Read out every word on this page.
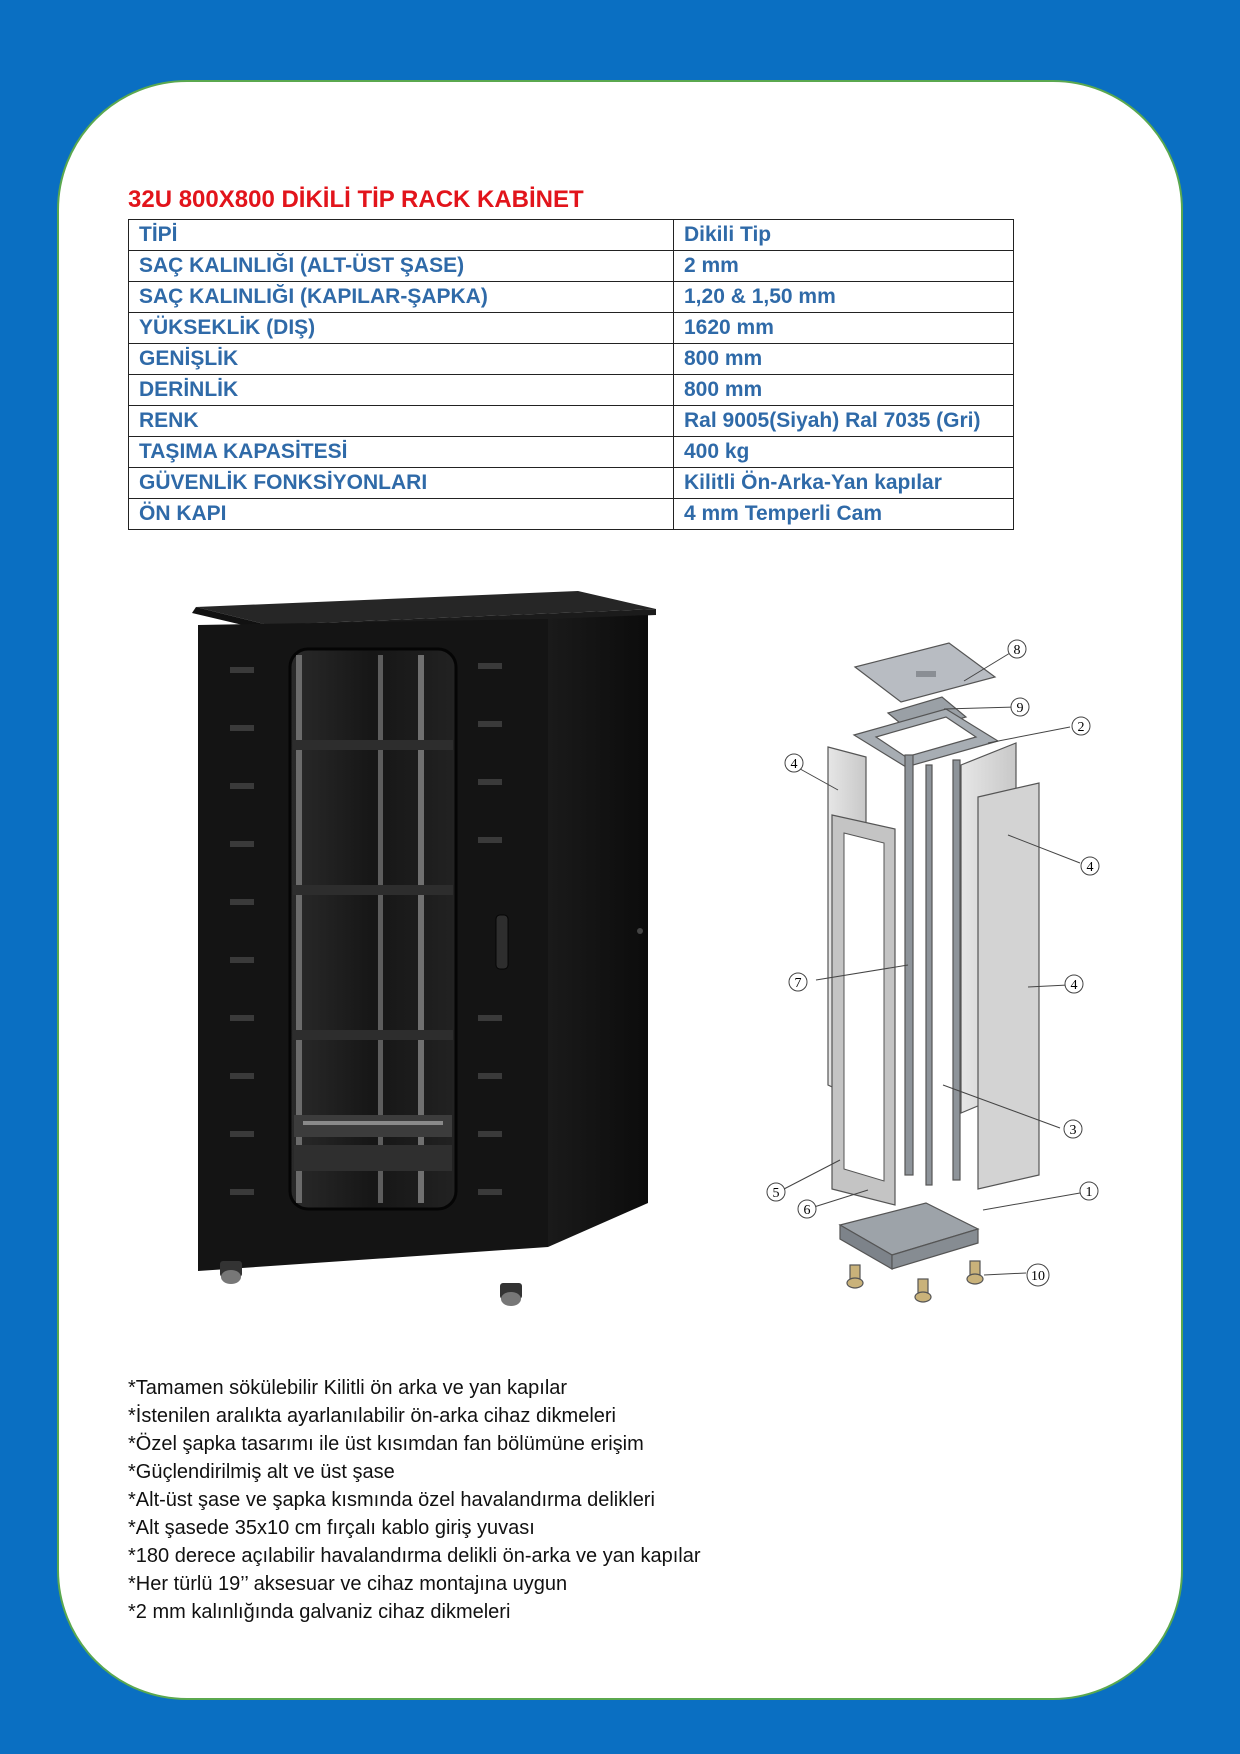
32U 800X800 DİKİLİ TİP RACK KABİNET
TİPİ	Dikili Tip
SAÇ KALINLIĞI (ALT-ÜST ŞASE)	2 mm
SAÇ KALINLIĞI (KAPILAR-ŞAPKA)	1,20 & 1,50 mm
YÜKSEKLİK (DIŞ)	1620 mm
GENİŞLİK	800 mm
DERİNLİK	800 mm
RENK	Ral 9005(Siyah) Ral 7035 (Gri)
TAŞIMA KAPASİTESİ	400 kg
GÜVENLİK FONKSİYONLARI	Kilitli Ön-Arka-Yan kapılar
ÖN KAPI	4 mm Temperli Cam
8
9
2
4
4
4
7
3
1
5
6
10
*Tamamen sökülebilir Kilitli ön arka ve yan kapılar
*İstenilen aralıkta ayarlanılabilir ön-arka cihaz dikmeleri
*Özel şapka tasarımı ile üst kısımdan fan bölümüne erişim
*Güçlendirilmiş alt ve üst şase
*Alt-üst şase ve şapka kısmında özel havalandırma delikleri
*Alt şasede 35x10 cm fırçalı kablo giriş yuvası
*180 derece açılabilir havalandırma delikli ön-arka ve yan kapılar
*Her türlü 19’’ aksesuar ve cihaz montajına uygun
*2 mm kalınlığında galvaniz cihaz dikmeleri
